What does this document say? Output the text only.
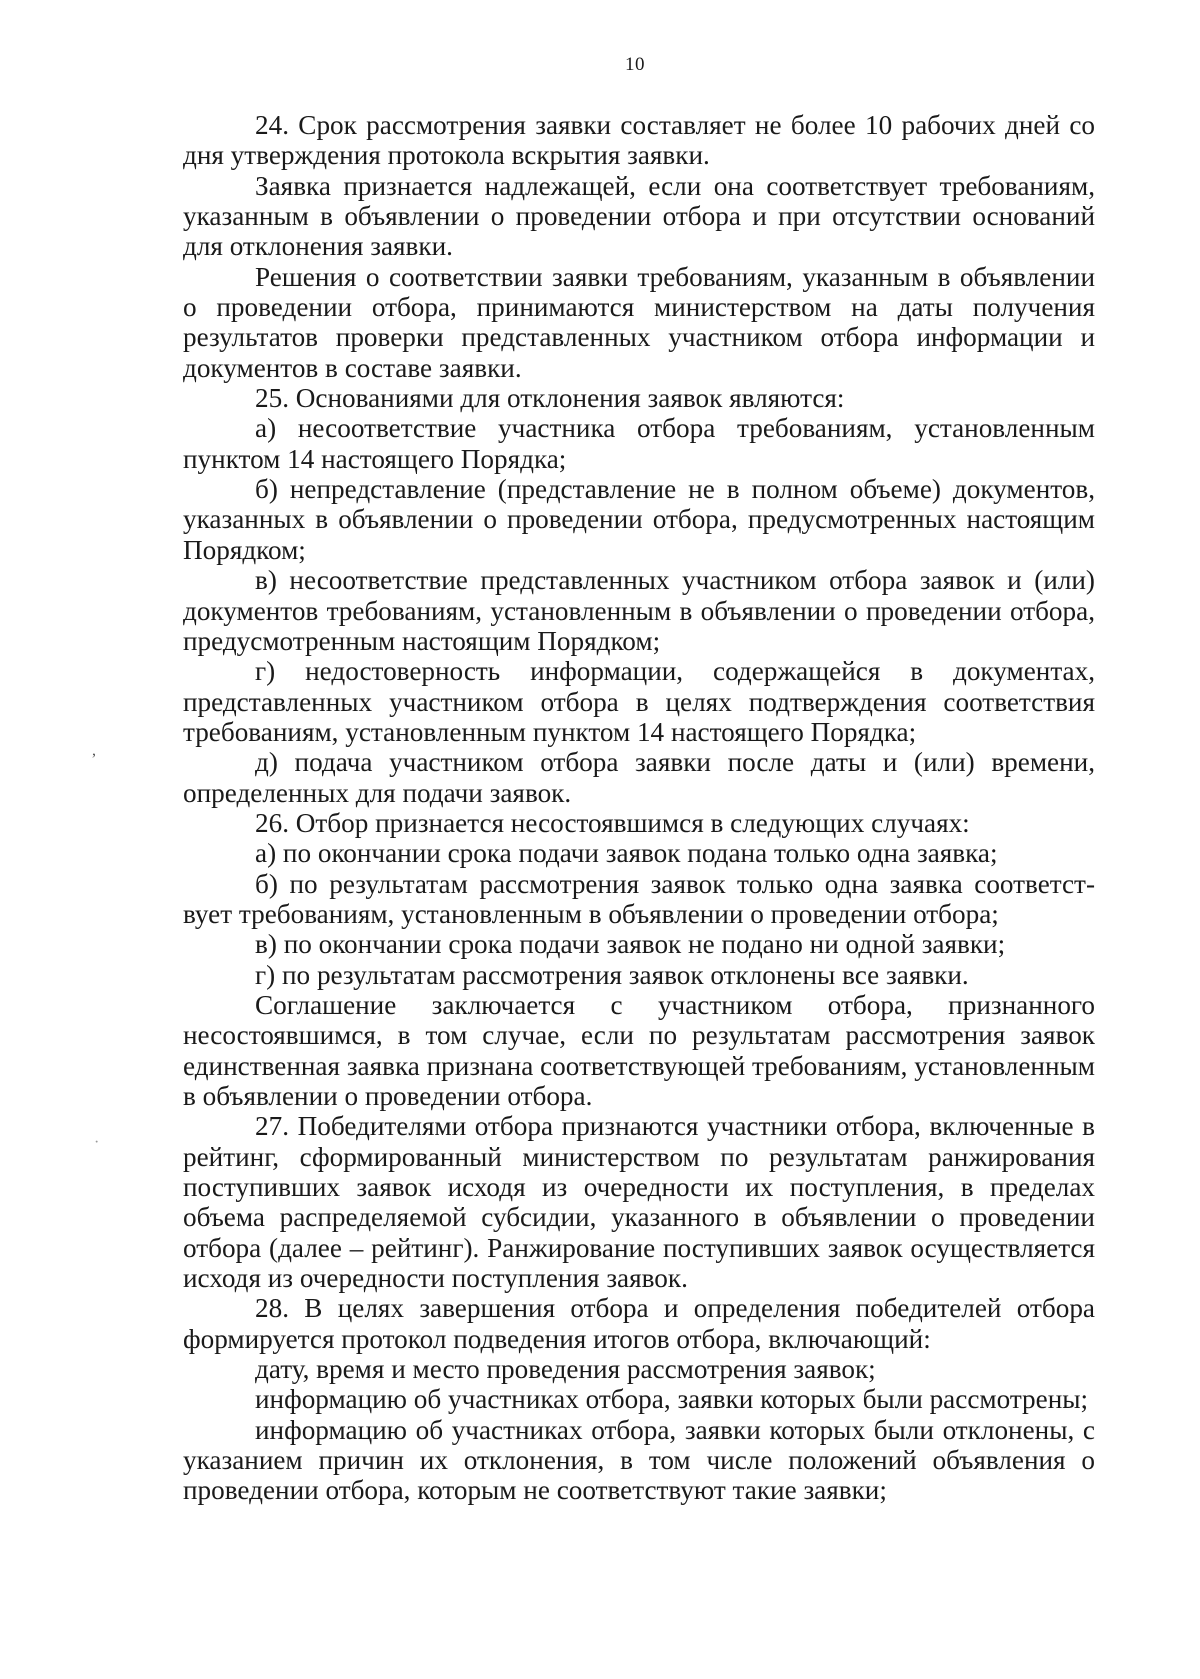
10

24. Срок рассмотрения заявки составляет не более 10 рабочих дней со дня утверждения протокола вскрытия заявки.

Заявка признается надлежащей, если она соответствует требованиям, указанным в объявлении о проведении отбора и при отсутствии оснований для отклонения заявки.

Решения о соответствии заявки требованиям, указанным в объявлении о проведении отбора, принимаются министерством на даты получения результатов проверки представленных участником отбора информации и документов в составе заявки.

25. Основаниями для отклонения заявок являются:

а) несоответствие участника отбора требованиям, установленным пунктом 14 настоящего Порядка;

б) непредставление (представление не в полном объеме) документов, указанных в объявлении о проведении отбора, предусмотренных настоящим Порядком;

в) несоответствие представленных участником отбора заявок и (или) документов требованиям, установленным в объявлении о проведении отбора, предусмотренным настоящим Порядком;

г) недостоверность информации, содержащейся в документах, представленных участником отбора в целях подтверждения соответствия требованиям, установленным пунктом 14 настоящего Порядка;

д) подача участником отбора заявки после даты и (или) времени, определенных для подачи заявок.

26. Отбор признается несостоявшимся в следующих случаях:

а) по окончании срока подачи заявок подана только одна заявка;

б) по результатам рассмотрения заявок только одна заявка соответст-вует требованиям, установленным в объявлении о проведении отбора;

в) по окончании срока подачи заявок не подано ни одной заявки;

г) по результатам рассмотрения заявок отклонены все заявки.

Соглашение заключается с участником отбора, признанного несостоявшимся, в том случае, если по результатам рассмотрения заявок единственная заявка признана соответствующей требованиям, установленным в объявлении о проведении отбора.

27. Победителями отбора признаются участники отбора, включенные в рейтинг, сформированный министерством по результатам ранжирования поступивших заявок исходя из очередности их поступления, в пределах объема распределяемой субсидии, указанного в объявлении о проведении отбора (далее – рейтинг). Ранжирование поступивших заявок осуществляется исходя из очередности поступления заявок.

28. В целях завершения отбора и определения победителей отбора формируется протокол подведения итогов отбора, включающий:

дату, время и место проведения рассмотрения заявок;

информацию об участниках отбора, заявки которых были рассмотрены;

информацию об участниках отбора, заявки которых были отклонены, с указанием причин их отклонения, в том числе положений объявления о проведении отбора, которым не соответствуют такие заявки;

,
·
